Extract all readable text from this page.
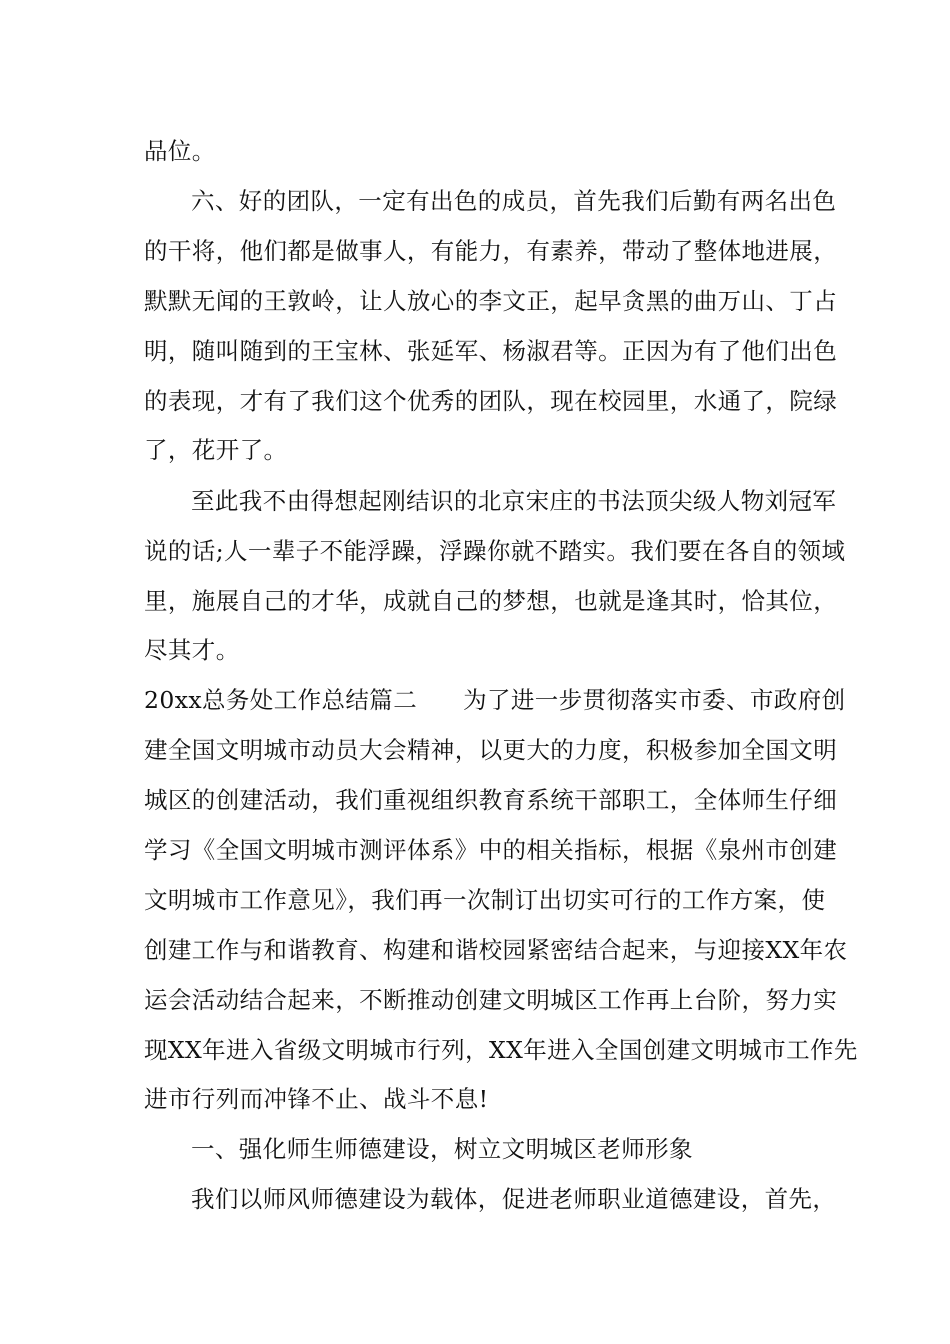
品位。
六、好的团队，一定有出色的成员，首先我们后勤有两名出色
的干将，他们都是做事人，有能力，有素养，带动了整体地进展，
默默无闻的王敦岭，让人放心的李文正，起早贪黑的曲万山、丁占
明，随叫随到的王宝林、张延军、杨淑君等。正因为有了他们出色
的表现，才有了我们这个优秀的团队，现在校园里，水通了，院绿
了，花开了。
至此我不由得想起刚结识的北京宋庄的书法顶尖级人物刘冠军
说的话;人一辈子不能浮躁，浮躁你就不踏实。我们要在各自的领域
里，施展自己的才华，成就自己的梦想，也就是逢其时，恰其位，
尽其才。
20xx总务处工作总结篇二 为了进一步贯彻落实市委、市政府创
建全国文明城市动员大会精神，以更大的力度，积极参加全国文明
城区的创建活动，我们重视组织教育系统干部职工，全体师生仔细
学习《全国文明城市测评体系》中的相关指标，根据《泉州市创建
文明城市工作意见》，我们再一次制订出切实可行的工作方案，使
创建工作与和谐教育、构建和谐校园紧密结合起来，与迎接XX年农
运会活动结合起来，不断推动创建文明城区工作再上台阶，努力实
现XX年进入省级文明城市行列，XX年进入全国创建文明城市工作先
进市行列而冲锋不止、战斗不息!
一、强化师生师德建设，树立文明城区老师形象
我们以师风师德建设为载体，促进老师职业道德建设，首先，
